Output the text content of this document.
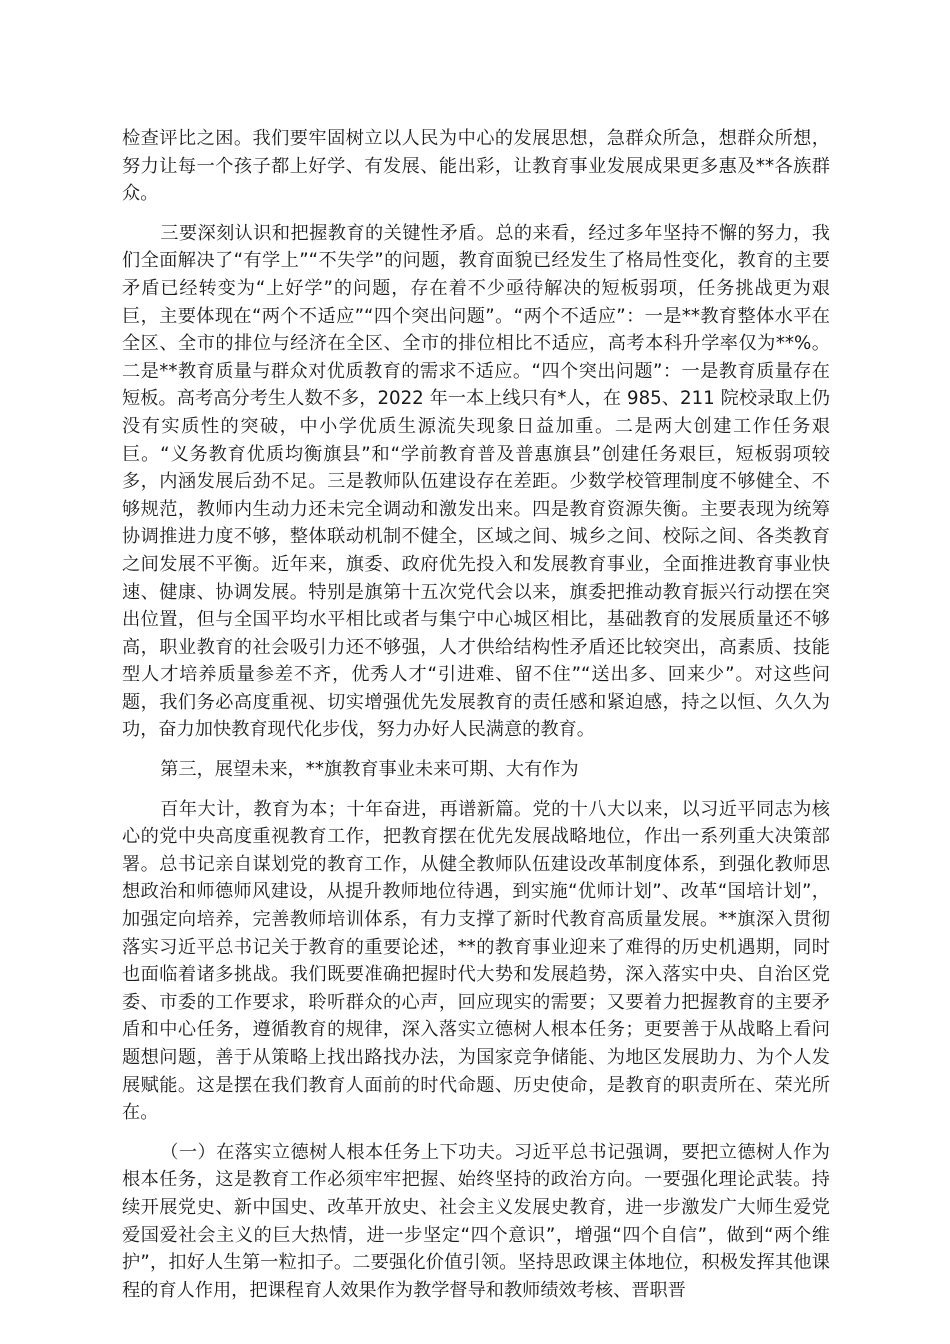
检查评比之困。我们要牢固树立以人民为中心的发展思想，急群众所急，想群众所想，努力让每一个孩子都上好学、有发展、能出彩，让教育事业发展成果更多惠及**各族群众。

三要深刻认识和把握教育的关键性矛盾。总的来看，经过多年坚持不懈的努力，我们全面解决了“有学上”“不失学”的问题，教育面貌已经发生了格局性变化，教育的主要矛盾已经转变为“上好学”的问题，存在着不少亟待解决的短板弱项，任务挑战更为艰巨，主要体现在“两个不适应”“四个突出问题”。“两个不适应”：一是**教育整体水平在全区、全市的排位与经济在全区、全市的排位相比不适应，高考本科升学率仅为**%。二是**教育质量与群众对优质教育的需求不适应。“四个突出问题”：一是教育质量存在短板。高考高分考生人数不多，2022 年一本上线只有*人，在 985、211 院校录取上仍没有实质性的突破，中小学优质生源流失现象日益加重。二是两大创建工作任务艰巨。“义务教育优质均衡旗县”和“学前教育普及普惠旗县”创建任务艰巨，短板弱项较多，内涵发展后劲不足。三是教师队伍建设存在差距。少数学校管理制度不够健全、不够规范，教师内生动力还未完全调动和激发出来。四是教育资源失衡。主要表现为统筹协调推进力度不够，整体联动机制不健全，区域之间、城乡之间、校际之间、各类教育之间发展不平衡。近年来，旗委、政府优先投入和发展教育事业，全面推进教育事业快速、健康、协调发展。特别是旗第十五次党代会以来，旗委把推动教育振兴行动摆在突出位置，但与全国平均水平相比或者与集宁中心城区相比，基础教育的发展质量还不够高，职业教育的社会吸引力还不够强，人才供给结构性矛盾还比较突出，高素质、技能型人才培养质量参差不齐，优秀人才“引进难、留不住”“送出多、回来少”。对这些问题，我们务必高度重视、切实增强优先发展教育的责任感和紧迫感，持之以恒、久久为功，奋力加快教育现代化步伐，努力办好人民满意的教育。

第三，展望未来，**旗教育事业未来可期、大有作为

百年大计，教育为本；十年奋进，再谱新篇。党的十八大以来，以习近平同志为核心的党中央高度重视教育工作，把教育摆在优先发展战略地位，作出一系列重大决策部署。总书记亲自谋划党的教育工作，从健全教师队伍建设改革制度体系，到强化教师思想政治和师德师风建设，从提升教师地位待遇，到实施“优师计划”、改革“国培计划”，加强定向培养，完善教师培训体系，有力支撑了新时代教育高质量发展。**旗深入贯彻落实习近平总书记关于教育的重要论述，**的教育事业迎来了难得的历史机遇期，同时也面临着诸多挑战。我们既要准确把握时代大势和发展趋势，深入落实中央、自治区党委、市委的工作要求，聆听群众的心声，回应现实的需要；又要着力把握教育的主要矛盾和中心任务，遵循教育的规律，深入落实立德树人根本任务；更要善于从战略上看问题想问题，善于从策略上找出路找办法，为国家竞争储能、为地区发展助力、为个人发展赋能。这是摆在我们教育人面前的时代命题、历史使命，是教育的职责所在、荣光所在。

（一）在落实立德树人根本任务上下功夫。习近平总书记强调，要把立德树人作为根本任务，这是教育工作必须牢牢把握、始终坚持的政治方向。一要强化理论武装。持续开展党史、新中国史、改革开放史、社会主义发展史教育，进一步激发广大师生爱党爱国爱社会主义的巨大热情，进一步坚定“四个意识”，增强“四个自信”，做到“两个维护”，扣好人生第一粒扣子。二要强化价值引领。坚持思政课主体地位，积极发挥其他课程的育人作用，把课程育人效果作为教学督导和教师绩效考核、晋职晋
